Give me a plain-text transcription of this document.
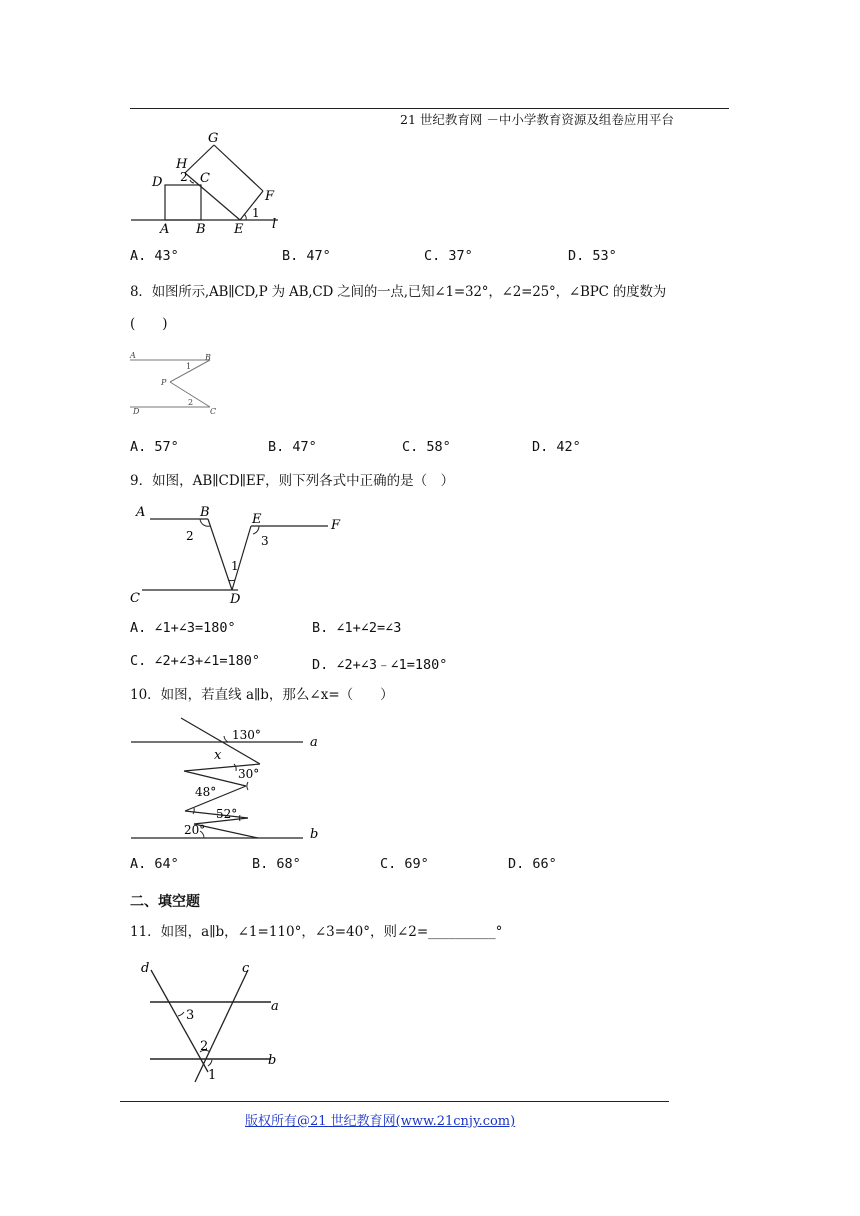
21 世纪教育网 －中小学教育资源及组卷应用平台
G
H
2 C
D
F
1
A B E l
A. 43°	B. 47°	C. 37°	D. 53°
8．如图所示,AB∥CD,P 为 AB,CD 之间的一点,已知∠1=32°，∠2=25°，∠BPC 的度数为
(　　)
A	B
1
P
2
D	C
A. 57°	B. 47°	C. 58°	D. 42°
9．如图，AB∥CD∥EF，则下列各式中正确的是（　）
A	B	E	F
2	3
1
C	D
A. ∠1+∠3=180°	B. ∠1+∠2=∠3
C. ∠2+∠3+∠1=180°	D. ∠2+∠3﹣∠1=180°
10．如图，若直线 a∥b，那么∠x=（　　）
130°	a
x
30°
48°
52°
20°	b
A. 64°	B. 68°	C. 69°	D. 66°
二、填空题
11．如图，a∥b，∠1=110°，∠3=40°，则∠2=__________°
d	c
a
3
2
b
1
版权所有@21 世纪教育网(www.21cnjy.com)
